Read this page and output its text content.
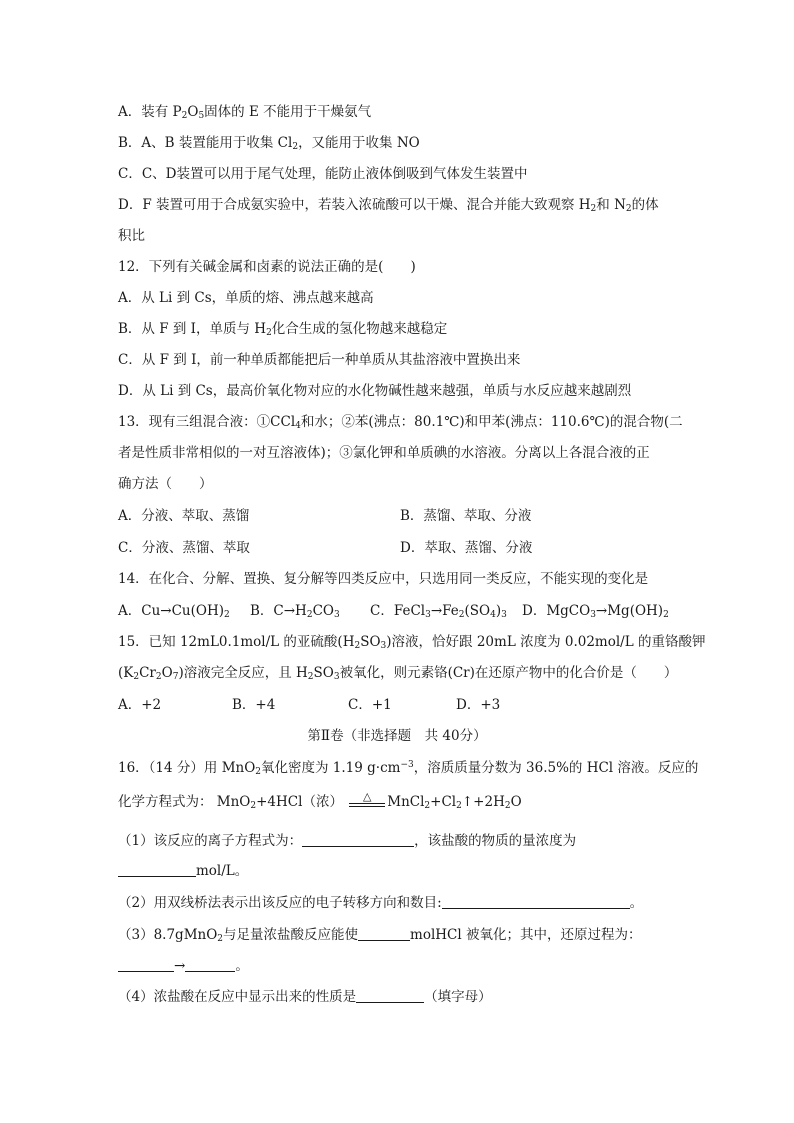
A．装有 $P_2O_5$固体的 E 不能用于干燥氨气
B．A、B 装置能用于收集 $Cl_2$，又能用于收集 NO
C．C、D装置可以用于尾气处理，能防止液体倒吸到气体发生装置中
D．F 装置可用于合成氨实验中，若装入浓硫酸可以干燥、混合并能大致观察 $H_2$和 $N_2$的体
积比
12．下列有关碱金属和卤素的说法正确的是(　　)
A．从 Li 到 Cs，单质的熔、沸点越来越高
B．从 F 到 I，单质与 $H_2$化合生成的氢化物越来越稳定
C．从 F 到 I，前一种单质都能把后一种单质从其盐溶液中置换出来
D．从 Li 到 Cs，最高价氧化物对应的水化物碱性越来越强，单质与水反应越来越剧烈
13．现有三组混合液：①CCl$_4$和水；②苯(沸点：80.1℃)和甲苯(沸点：110.6℃)的混合物(二
者是性质非常相似的一对互溶液体)；③氯化钾和单质碘的水溶液。分离以上各混合液的正
确方法（　　）
A．分液、萃取、蒸馏	B．蒸馏、萃取、分液
C．分液、蒸馏、萃取	D．萃取、蒸馏、分液
14．在化合、分解、置换、复分解等四类反应中，只选用同一类反应，不能实现的变化是
A．$Cu\to Cu(OH)_2$ B．$C\to H_2CO_3$ C．$FeCl_3\to Fe_2(SO_4)_3$ D．$MgCO_3\to Mg(OH)_2$
15．已知 12mL0.1mol/L 的亚硫酸$(H_2SO_3)$溶液，恰好跟 20mL 浓度为 0.02mol/L 的重铬酸钾
$(K_2Cr_2O_7)$溶液完全反应，且 $H_2SO_3$被氧化，则元素铬(Cr)在还原产物中的化合价是（　　）
A．+2	B．+4	C．+1	D．+3
第Ⅱ卷（非选择题　共 40分）
16．（14 分）用 MnO$_2$氧化密度为 1.19 $g\cdot cm^{-3}$，溶质质量分数为 36.5%的 HCl 溶液。反应的
化学方程式为： MnO$_2$+4HCl（浓）	△	$MnCl_2+Cl_2↑+2H_2O$
（1）该反应的离子方程式为：	，该盐酸的物质的量浓度为
mol/L。
（2）用双线桥法表示出该反应的电子转移方向和数目:	。
（3）8.7gMnO$_2$与足量浓盐酸反应能使	molHCl 被氧化；其中，还原过程为：
→	。
（4）浓盐酸在反应中显示出来的性质是	（填字母）
